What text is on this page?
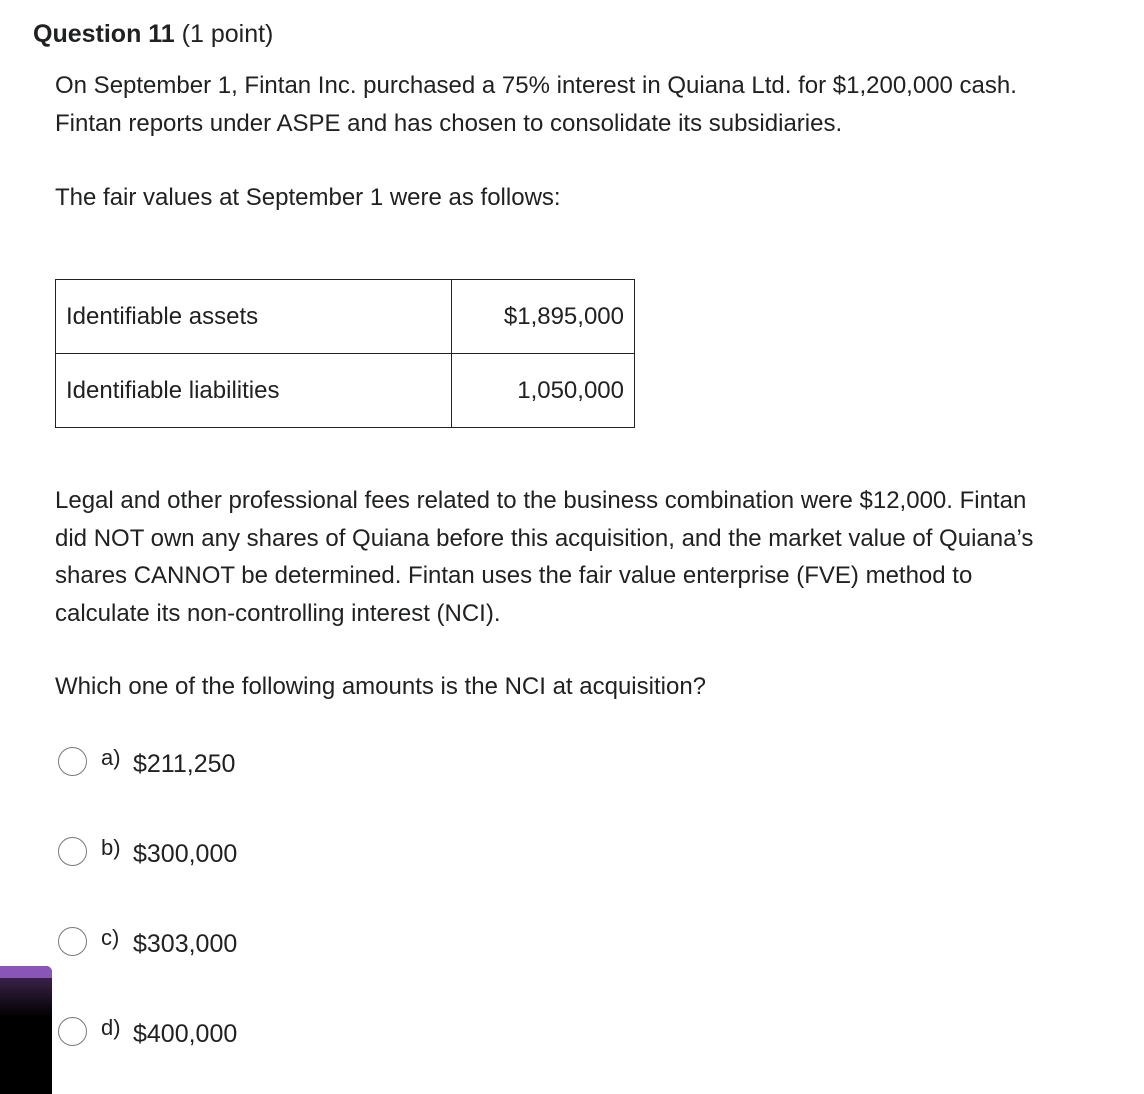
Question 11 (1 point)

On September 1, Fintan Inc. purchased a 75% interest in Quiana Ltd. for $1,200,000 cash. Fintan reports under ASPE and has chosen to consolidate its subsidiaries.

The fair values at September 1 were as follows:

Identifiable assets	$1,895,000
Identifiable liabilities	1,050,000

Legal and other professional fees related to the business combination were $12,000. Fintan did NOT own any shares of Quiana before this acquisition, and the market value of Quiana’s shares CANNOT be determined. Fintan uses the fair value enterprise (FVE) method to calculate its non-controlling interest (NCI).

Which one of the following amounts is the NCI at acquisition?

a) $211,250
b) $300,000
c) $303,000
d) $400,000
